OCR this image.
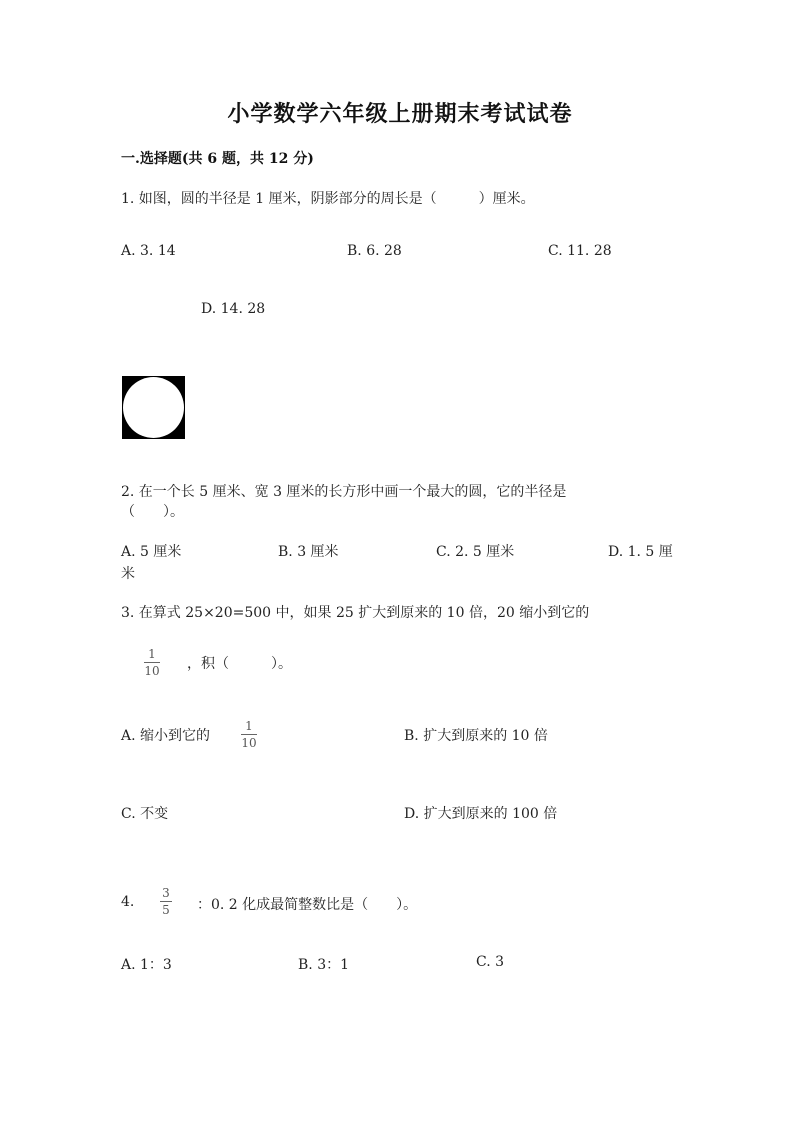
小学数学六年级上册期末考试试卷
一.选择题(共 6 题，共 12 分)
1. 如图，圆的半径是 1 厘米，阴影部分的周长是（　　　）厘米。
A. 3. 14	B. 6. 28	C. 11. 28
D. 14. 28
2. 在一个长 5 厘米、宽 3 厘米的长方形中画一个最大的圆，它的半径是
（　　）。
A. 5 厘米	B. 3 厘米	C. 2. 5 厘米	D. 1. 5 厘
米
3. 在算式 25×20=500 中，如果 25 扩大到原来的 10 倍，20 缩小到它的
1
10 ，积（　　　）。
A. 缩小到它的
1
10	B. 扩大到原来的 10 倍
C. 不变	D. 扩大到原来的 100 倍
4.
3
5 ：0. 2 化成最简整数比是（　　）。
A. 1：3	B. 3：1	C. 3
